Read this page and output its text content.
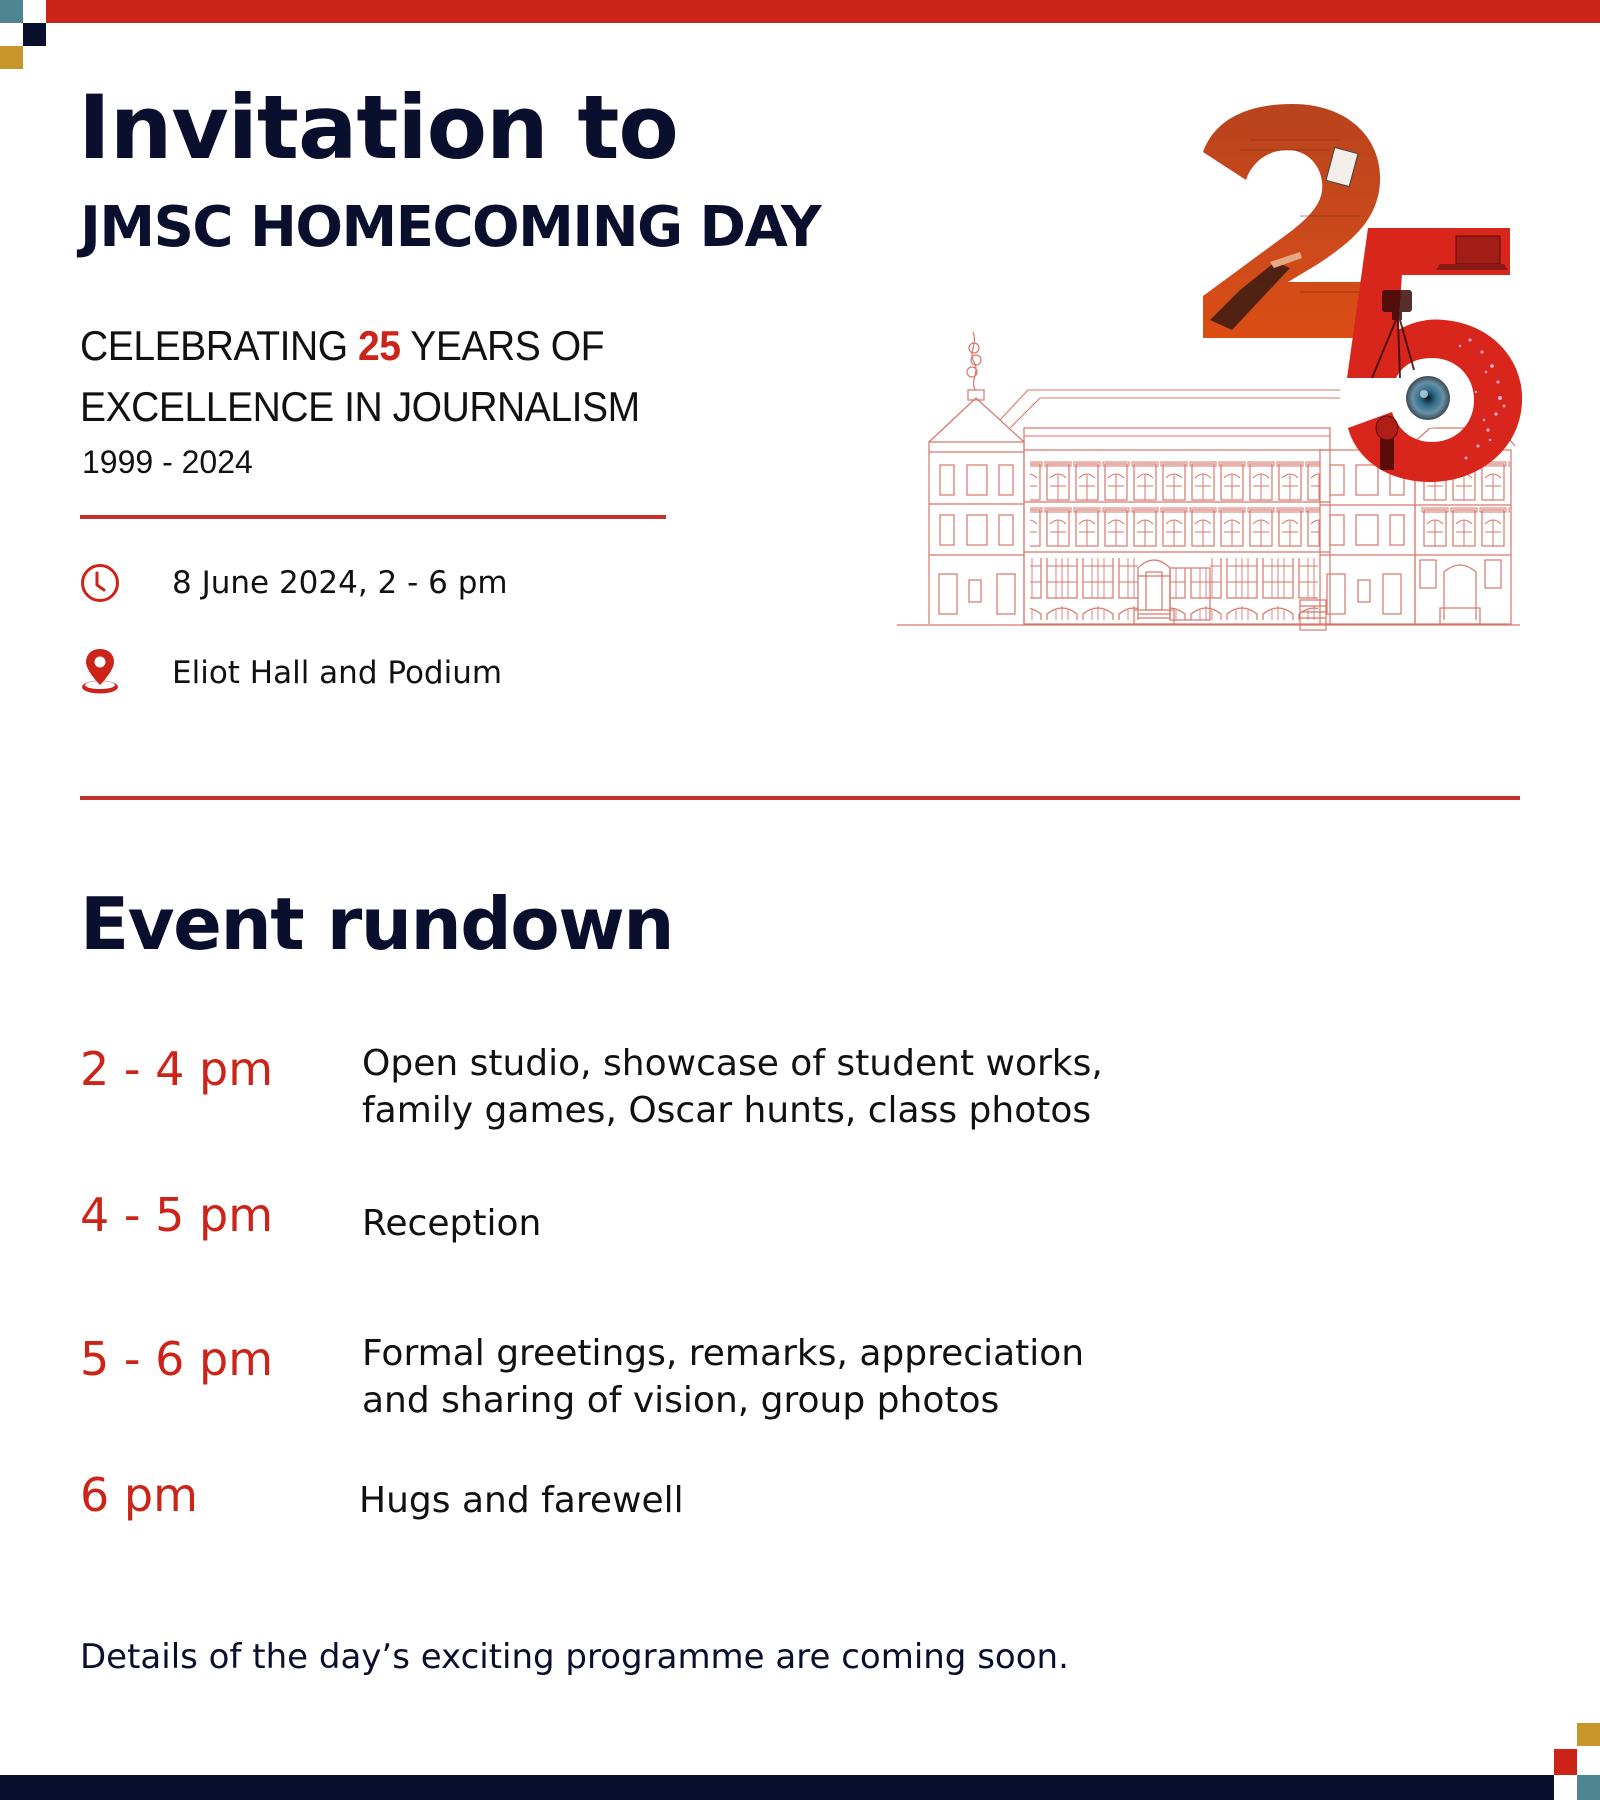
Invitation to
JMSC HOMECOMING DAY
CELEBRATING 25 YEARS OF
EXCELLENCE IN JOURNALISM
1999 - 2024
8 June 2024, 2 - 6 pm
Eliot Hall and Podium
Event rundown
2 - 4 pm Open studio, showcase of student works,
family games, Oscar hunts, class photos
4 - 5 pm Reception
5 - 6 pm Formal greetings, remarks, appreciation
and sharing of vision, group photos
6 pm	Hugs and farewell
Details of the day’s exciting programme are coming soon.
